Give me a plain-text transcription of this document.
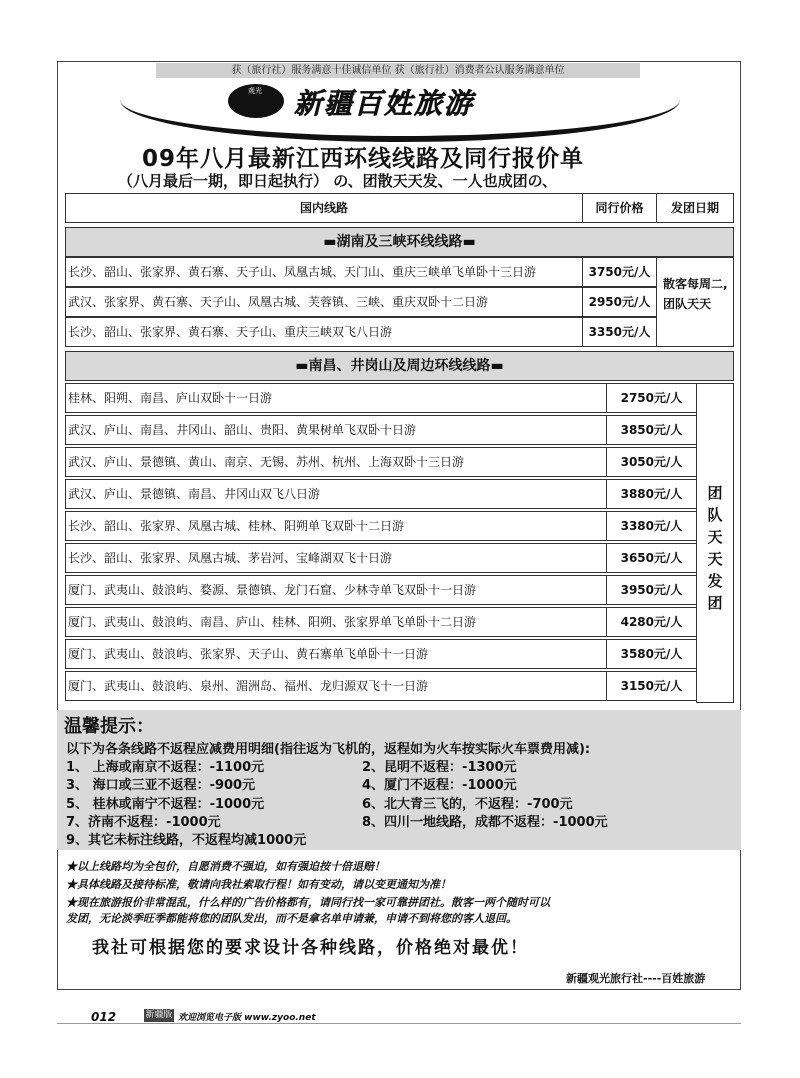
获（旅行社）服务满意十佳诚信单位 获（旅行社）消费者公认服务满意单位
观光 新疆百姓旅游
09年八月最新江西环线线路及同行报价单
（八月最后一期，即日起执行） の、团散天天发、一人也成团の、
国内线路	同行价格	发团日期
▬湖南及三峡环线线路▬
长沙、韶山、张家界、黄石寨、天子山、凤凰古城、天门山、重庆三峡单飞单卧十三日游	3750元/人
武汉、张家界、黄石寨、天子山、凤凰古城、芙蓉镇、三峡、重庆双卧十二日游	2950元/人
长沙、韶山、张家界、黄石寨、天子山、重庆三峡双飞八日游	3350元/人
散客每周二,团队天天
▬南昌、井岗山及周边环线线路▬
桂林、阳朔、南昌、庐山双卧十一日游	2750元/人
武汉、庐山、南昌、井冈山、韶山、贵阳、黄果树单飞双卧十日游	3850元/人
武汉、庐山、景德镇、黄山、南京、无锡、苏州、杭州、上海双卧十三日游	3050元/人
武汉、庐山、景德镇、南昌、井冈山双飞八日游	3880元/人
长沙、韶山、张家界、凤凰古城、桂林、阳朔单飞双卧十二日游	3380元/人
长沙、韶山、张家界、凤凰古城、茅岩河、宝峰湖双飞十日游	3650元/人
厦门、武夷山、鼓浪屿、婺源、景德镇、龙门石窟、少林寺单飞双卧十一日游	3950元/人
厦门、武夷山、鼓浪屿、南昌、庐山、桂林、阳朔、张家界单飞单卧十二日游	4280元/人
厦门、武夷山、鼓浪屿、张家界、天子山、黄石寨单飞单卧十一日游	3580元/人
厦门、武夷山、鼓浪屿、泉州、湄洲岛、福州、龙归源双飞十一日游	3150元/人
团队天天发团
温馨提示：
以下为各条线路不返程应减费用明细(指往返为飞机的，返程如为火车按实际火车票费用减):
1、 上海或南京不返程：-1100元	2、昆明不返程：-1300元
3、 海口或三亚不返程：-900元	4、厦门不返程：-1000元
5、 桂林或南宁不返程：-1000元	6、北大青三飞的，不返程：-700元
7、济南不返程：-1000元	8、四川一地线路，成都不返程：-1000元
9、其它未标注线路，不返程均减1000元
★以上线路均为全包价，自愿消费不强迫，如有强迫按十倍退赔！
★具体线路及接待标准，敬请向我社索取行程！如有变动，请以变更通知为准！
★现在旅游报价非常混乱，什么样的广告价格都有，请同行找一家可靠拼团社。散客一两个随时可以
发团，无论淡季旺季都能将您的团队发出，而不是拿名单申请兼，申请不到将您的客人退回。
我社可根据您的要求设计各种线路，价格绝对最优！
新疆观光旅行社----百姓旅游
012	新疆版 欢迎浏览电子版 www.zyoo.net
